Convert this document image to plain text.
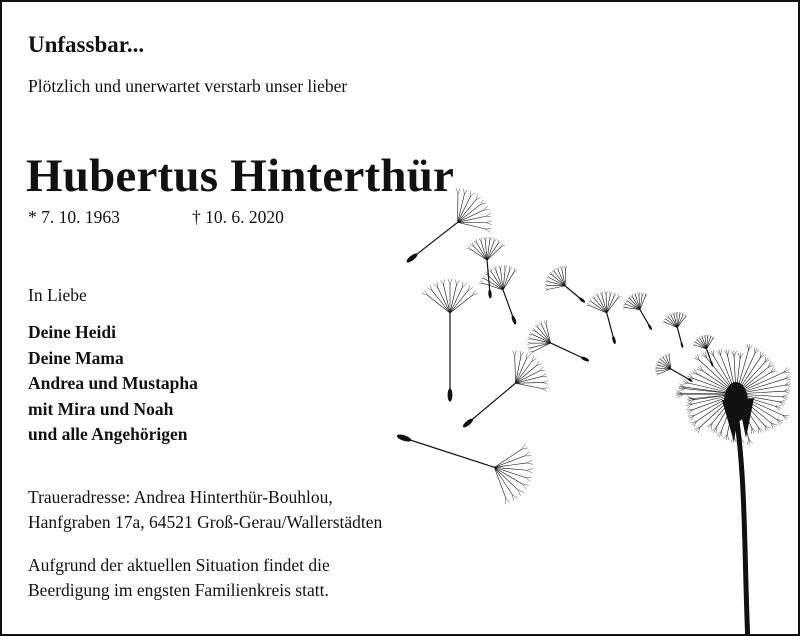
Unfassbar...
Plötzlich und unerwartet verstarb unser lieber
Hubertus Hinterthür
* 7. 10. 1963	† 10. 6. 2020
In Liebe
Deine Heidi
Deine Mama
Andrea und Mustapha
mit Mira und Noah
und alle Angehörigen
Traueradresse: Andrea Hinterthür-Bouhlou,
Hanfgraben 17a, 64521 Groß-Gerau/Wallerstädten
Aufgrund der aktuellen Situation findet die
Beerdigung im engsten Familienkreis statt.
